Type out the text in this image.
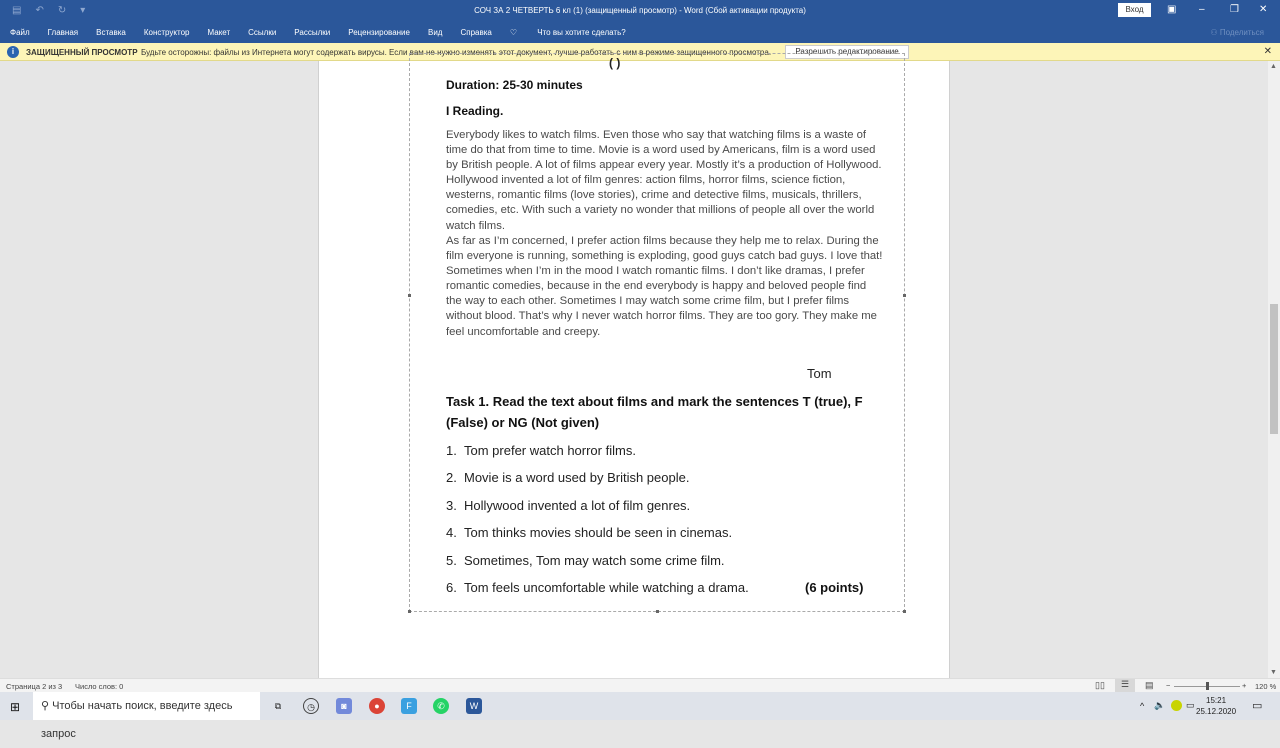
▤ ↶ ↻ ▾	СОЧ ЗА 2 ЧЕТВЕРТЬ 6 кл (1) (защищенный просмотр) - Word (Сбой активации продукта)	Вход	▣ –	❐ ✕
Файл Главная Вставка Конструктор Макет Ссылки Рассылки Рецензирование Вид Справка ♡ Что вы хотите сделать?	⚇ Поделиться
i	ЗАЩИЩЕННЫЙ ПРОСМОТР Будьте осторожны: файлы из Интернета могут содержать вирусы. Если вам не нужно изменять этот документ, лучше работать с ним в режиме защищенного просмотра.	Разрешить редактирование	✕
( )
Duration: 25-30 minutes
I Reading.
Everybody likes to watch films. Even those who say that watching films is a waste of time do that from time to time. Movie is a word used by Americans, film is a word used by British people. A lot of films appear every year. Mostly it’s a production of Hollywood. Hollywood invented a lot of film genres: action films, horror films, science fiction, westerns, romantic films (love stories), crime and detective films, musicals, thrillers, comedies, etc. With such a variety no wonder that millions of people all over the world watch films.
As far as I’m concerned, I prefer action films because they help me to relax. During the film everyone is running, something is exploding, good guys catch bad guys. I love that! Sometimes when I’m in the mood I watch romantic films. I don’t like dramas, I prefer romantic comedies, because in the end everybody is happy and beloved people find the way to each other. Sometimes I may watch some crime film, but I prefer films without blood. That’s why I never watch horror films. They are too gory. They make me feel uncomfortable and creepy.
Tom
Task 1. Read the text about films and mark the sentences T (true), F (False) or NG (Not given)
1. Tom prefer watch horror films.
2. Movie is a word used by British people.
3. Hollywood invented a lot of film genres.
4. Tom thinks movies should be seen in cinemas.
5. Sometimes, Tom may watch some crime film.
6. Tom feels uncomfortable while watching a drama.	(6 points)
▲
▼
Страница 2 из 3 Число слов: 0	▯▯	☰	▤ −	+ 120 %
⊞	⚲ Чтобы начать поиск, введите здесь запрос
⧉	◷	◙	●	F	✆	W	^ 🔈 ▭	15:21
25.12.2020 ▭
